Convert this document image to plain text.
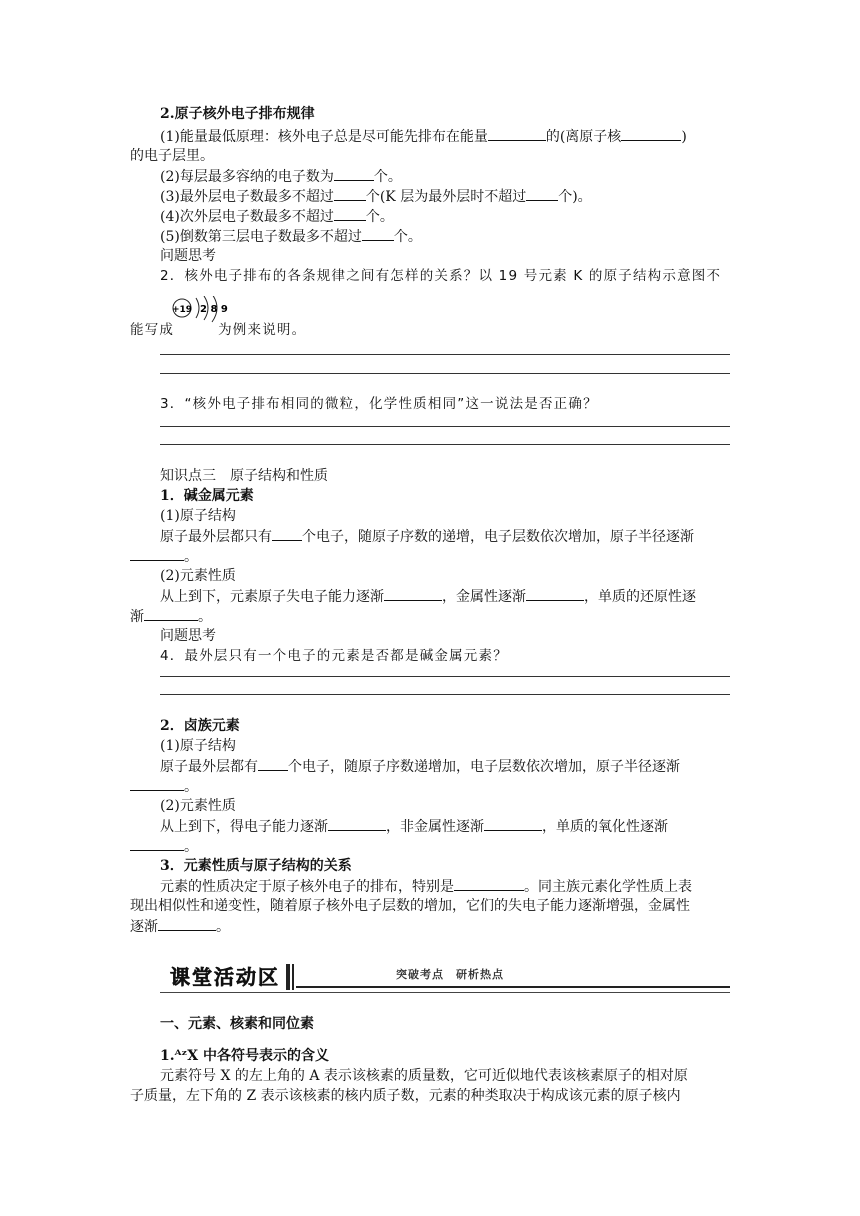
2.原子核外电子排布规律
(1)能量最低原理：核外电子总是尽可能先排布在能量	的(离原子核	)
的电子层里。
(2)每层最多容纳的电子数为	个。
(3)最外层电子数最多不超过 个(K 层为最外层时不超过 个)。
(4)次外层电子数最多不超过 个。
(5)倒数第三层电子数最多不超过 个。
问题思考
2．核外电子排布的各条规律之间有怎样的关系？以 19 号元素 K 的原子结构示意图不
+19 2 8 9
能写成	为例来说明。
3．“核外电子排布相同的微粒，化学性质相同”这一说法是否正确？
知识点三　原子结构和性质
1．碱金属元素
(1)原子结构
原子最外层都只有 个电子，随原子序数的递增，电子层数依次增加，原子半径逐渐
。
(2)元素性质
从上到下，元素原子失电子能力逐渐	，金属性逐渐	，单质的还原性逐
渐	。
问题思考
4．最外层只有一个电子的元素是否都是碱金属元素？
2．卤族元素
(1)原子结构
原子最外层都有 个电子，随原子序数递增加，电子层数依次增加，原子半径逐渐
。
(2)元素性质
从上到下，得电子能力逐渐	，非金属性逐渐	，单质的氧化性逐渐
。
3．元素性质与原子结构的关系
元素的性质决定于原子核外电子的排布，特别是	。同主族元素化学性质上表
现出相似性和递变性，随着原子核外电子层数的增加，它们的失电子能力逐渐增强，金属性
逐渐	。
课堂活动区	突破考点　研析热点
一、元素、核素和同位素
1.ᴬᶻX 中各符号表示的含义
元素符号 X 的左上角的 A 表示该核素的质量数，它可近似地代表该核素原子的相对原
子质量，左下角的 Z 表示该核素的核内质子数，元素的种类取决于构成该元素的原子核内
